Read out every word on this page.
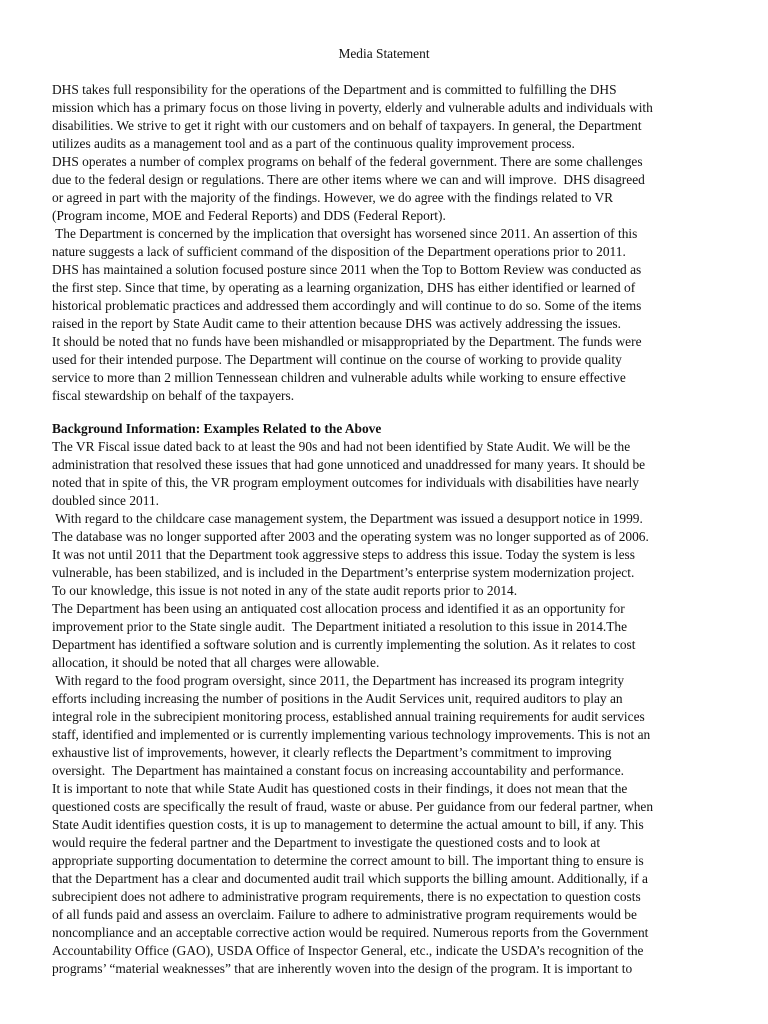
Media Statement

DHS takes full responsibility for the operations of the Department and is committed to fulfilling the DHS

mission which has a primary focus on those living in poverty, elderly and vulnerable adults and individuals with

disabilities. We strive to get it right with our customers and on behalf of taxpayers. In general, the Department

utilizes audits as a management tool and as a part of the continuous quality improvement process.

DHS operates a number of complex programs on behalf of the federal government. There are some challenges

due to the federal design or regulations. There are other items where we can and will improve.  DHS disagreed

or agreed in part with the majority of the findings. However, we do agree with the findings related to VR

(Program income, MOE and Federal Reports) and DDS (Federal Report).

The Department is concerned by the implication that oversight has worsened since 2011. An assertion of this

nature suggests a lack of sufficient command of the disposition of the Department operations prior to 2011.

DHS has maintained a solution focused posture since 2011 when the Top to Bottom Review was conducted as

the first step. Since that time, by operating as a learning organization, DHS has either identified or learned of

historical problematic practices and addressed them accordingly and will continue to do so. Some of the items

raised in the report by State Audit came to their attention because DHS was actively addressing the issues.

It should be noted that no funds have been mishandled or misappropriated by the Department. The funds were

used for their intended purpose. The Department will continue on the course of working to provide quality

service to more than 2 million Tennessean children and vulnerable adults while working to ensure effective

fiscal stewardship on behalf of the taxpayers.

Background Information: Examples Related to the Above

The VR Fiscal issue dated back to at least the 90s and had not been identified by State Audit. We will be the

administration that resolved these issues that had gone unnoticed and unaddressed for many years. It should be

noted that in spite of this, the VR program employment outcomes for individuals with disabilities have nearly

doubled since 2011.

With regard to the childcare case management system, the Department was issued a desupport notice in 1999.

The database was no longer supported after 2003 and the operating system was no longer supported as of 2006.

It was not until 2011 that the Department took aggressive steps to address this issue. Today the system is less

vulnerable, has been stabilized, and is included in the Department’s enterprise system modernization project.

To our knowledge, this issue is not noted in any of the state audit reports prior to 2014.

The Department has been using an antiquated cost allocation process and identified it as an opportunity for

improvement prior to the State single audit.  The Department initiated a resolution to this issue in 2014.The

Department has identified a software solution and is currently implementing the solution. As it relates to cost

allocation, it should be noted that all charges were allowable.

With regard to the food program oversight, since 2011, the Department has increased its program integrity

efforts including increasing the number of positions in the Audit Services unit, required auditors to play an

integral role in the subrecipient monitoring process, established annual training requirements for audit services

staff, identified and implemented or is currently implementing various technology improvements. This is not an

exhaustive list of improvements, however, it clearly reflects the Department’s commitment to improving

oversight.  The Department has maintained a constant focus on increasing accountability and performance.

It is important to note that while State Audit has questioned costs in their findings, it does not mean that the

questioned costs are specifically the result of fraud, waste or abuse. Per guidance from our federal partner, when

State Audit identifies question costs, it is up to management to determine the actual amount to bill, if any. This

would require the federal partner and the Department to investigate the questioned costs and to look at

appropriate supporting documentation to determine the correct amount to bill. The important thing to ensure is

that the Department has a clear and documented audit trail which supports the billing amount. Additionally, if a

subrecipient does not adhere to administrative program requirements, there is no expectation to question costs

of all funds paid and assess an overclaim. Failure to adhere to administrative program requirements would be

noncompliance and an acceptable corrective action would be required. Numerous reports from the Government

Accountability Office (GAO), USDA Office of Inspector General, etc., indicate the USDA’s recognition of the

programs’ “material weaknesses” that are inherently woven into the design of the program. It is important to
